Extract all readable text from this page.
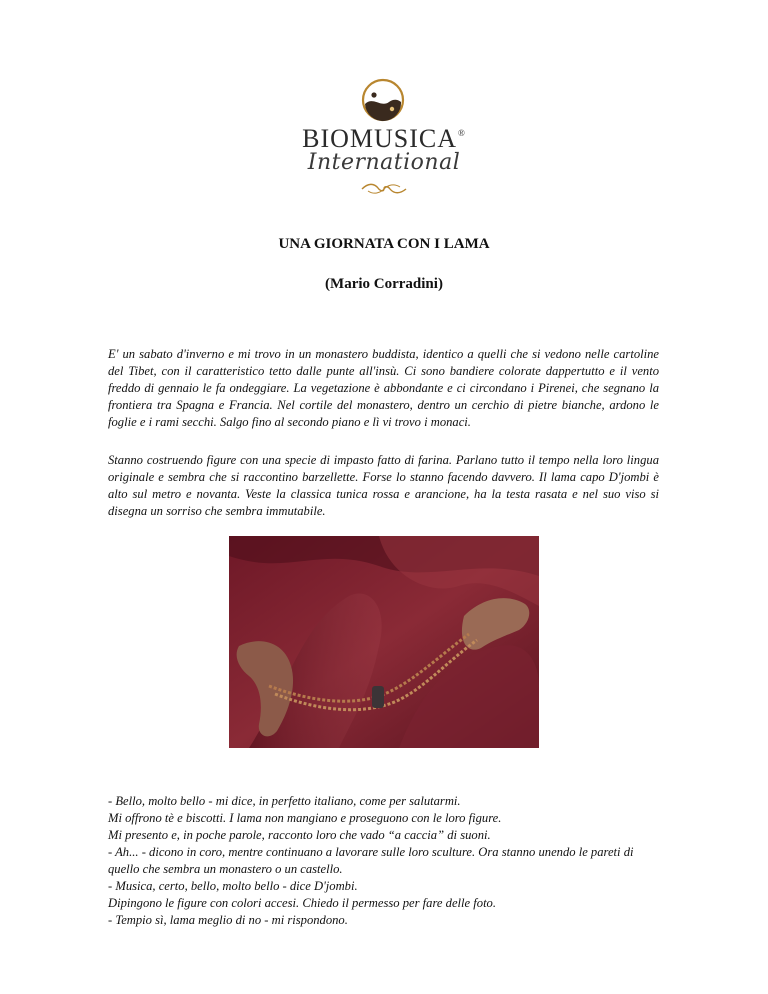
BIOMUSICA®
International
UNA GIORNATA CON I LAMA

(Mario Corradini)

E' un sabato d'inverno e mi trovo in un monastero buddista, identico a quelli che si vedono nelle cartoline del Tibet, con il caratteristico tetto dalle punte all'insù. Ci sono bandiere colorate dappertutto e il vento freddo di gennaio le fa ondeggiare. La vegetazione è abbondante e ci circondano i Pirenei, che segnano la frontiera tra Spagna e Francia. Nel cortile del monastero, dentro un cerchio di pietre bianche, ardono le foglie e i rami secchi. Salgo fino al secondo piano e lì vi trovo i monaci.

Stanno costruendo figure con una specie di impasto fatto di farina. Parlano tutto il tempo nella loro lingua originale e sembra che si raccontino barzellette. Forse lo stanno facendo davvero. Il lama capo D'jombi è alto sul metro e novanta. Veste la classica tunica rossa e arancione, ha la testa rasata e nel suo viso si disegna un sorriso che sembra immutabile.

- Bello, molto bello - mi dice, in perfetto italiano, come per salutarmi.
Mi offrono tè e biscotti. I lama non mangiano e proseguono con le loro figure.
Mi presento e, in poche parole, racconto loro che vado “a caccia” di suoni.
- Ah... - dicono in coro, mentre continuano a lavorare sulle loro sculture. Ora stanno unendo le pareti di quello che sembra un monastero o un castello.
- Musica, certo, bello, molto bello - dice D'jombi.
Dipingono le figure con colori accesi. Chiedo il permesso per fare delle foto.
- Tempio sì, lama meglio di no - mi rispondono.
